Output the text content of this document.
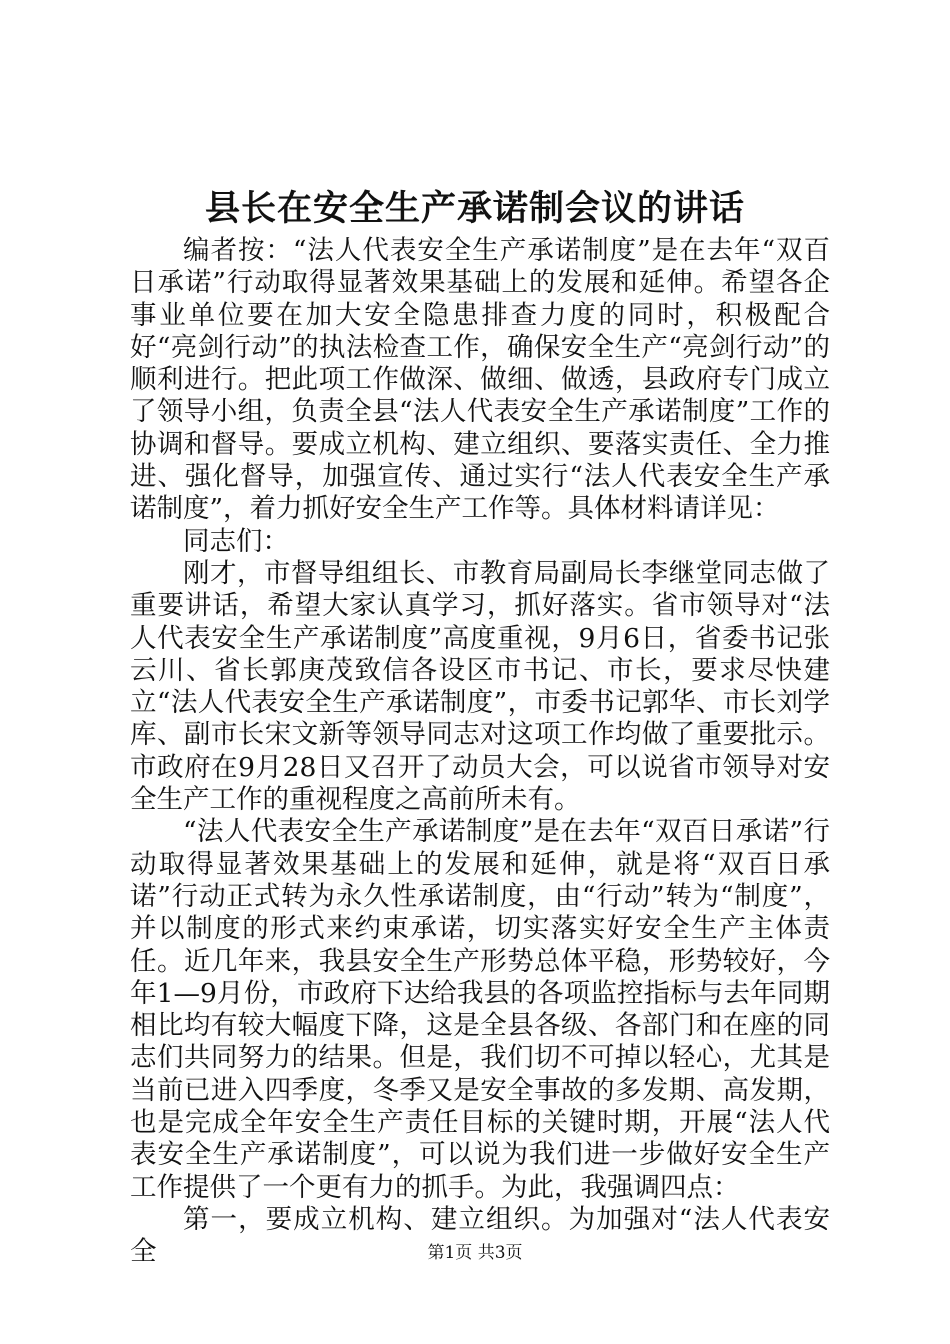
县长在安全生产承诺制会议的讲话

编者按：“法人代表安全生产承诺制度”是在去年“双百日承诺”行动取得显著效果基础上的发展和延伸。希望各企事业单位要在加大安全隐患排查力度的同时，积极配合好“亮剑行动”的执法检查工作，确保安全生产“亮剑行动”的顺利进行。把此项工作做深、做细、做透，县政府专门成立了领导小组，负责全县“法人代表安全生产承诺制度”工作的协调和督导。要成立机构、建立组织、要落实责任、全力推进、强化督导，加强宣传、通过实行“法人代表安全生产承诺制度”，着力抓好安全生产工作等。具体材料请详见：

同志们：

刚才，市督导组组长、市教育局副局长李继堂同志做了重要讲话，希望大家认真学习，抓好落实。省市领导对“法人代表安全生产承诺制度”高度重视，9月6日，省委书记张云川、省长郭庚茂致信各设区市书记、市长，要求尽快建立“法人代表安全生产承诺制度”，市委书记郭华、市长刘学库、副市长宋文新等领导同志对这项工作均做了重要批示。市政府在9月28日又召开了动员大会，可以说省市领导对安全生产工作的重视程度之高前所未有。

“法人代表安全生产承诺制度”是在去年“双百日承诺”行动取得显著效果基础上的发展和延伸，就是将“双百日承诺”行动正式转为永久性承诺制度，由“行动”转为“制度”，并以制度的形式来约束承诺，切实落实好安全生产主体责任。近几年来，我县安全生产形势总体平稳，形势较好，今年1—9月份，市政府下达给我县的各项监控指标与去年同期相比均有较大幅度下降，这是全县各级、各部门和在座的同志们共同努力的结果。但是，我们切不可掉以轻心，尤其是当前已进入四季度，冬季又是安全事故的多发期、高发期，也是完成全年安全生产责任目标的关键时期，开展“法人代表安全生产承诺制度”，可以说为我们进一步做好安全生产工作提供了一个更有力的抓手。为此，我强调四点：

第一，要成立机构、建立组织。为加强对“法人代表安全	第1页 共3页
